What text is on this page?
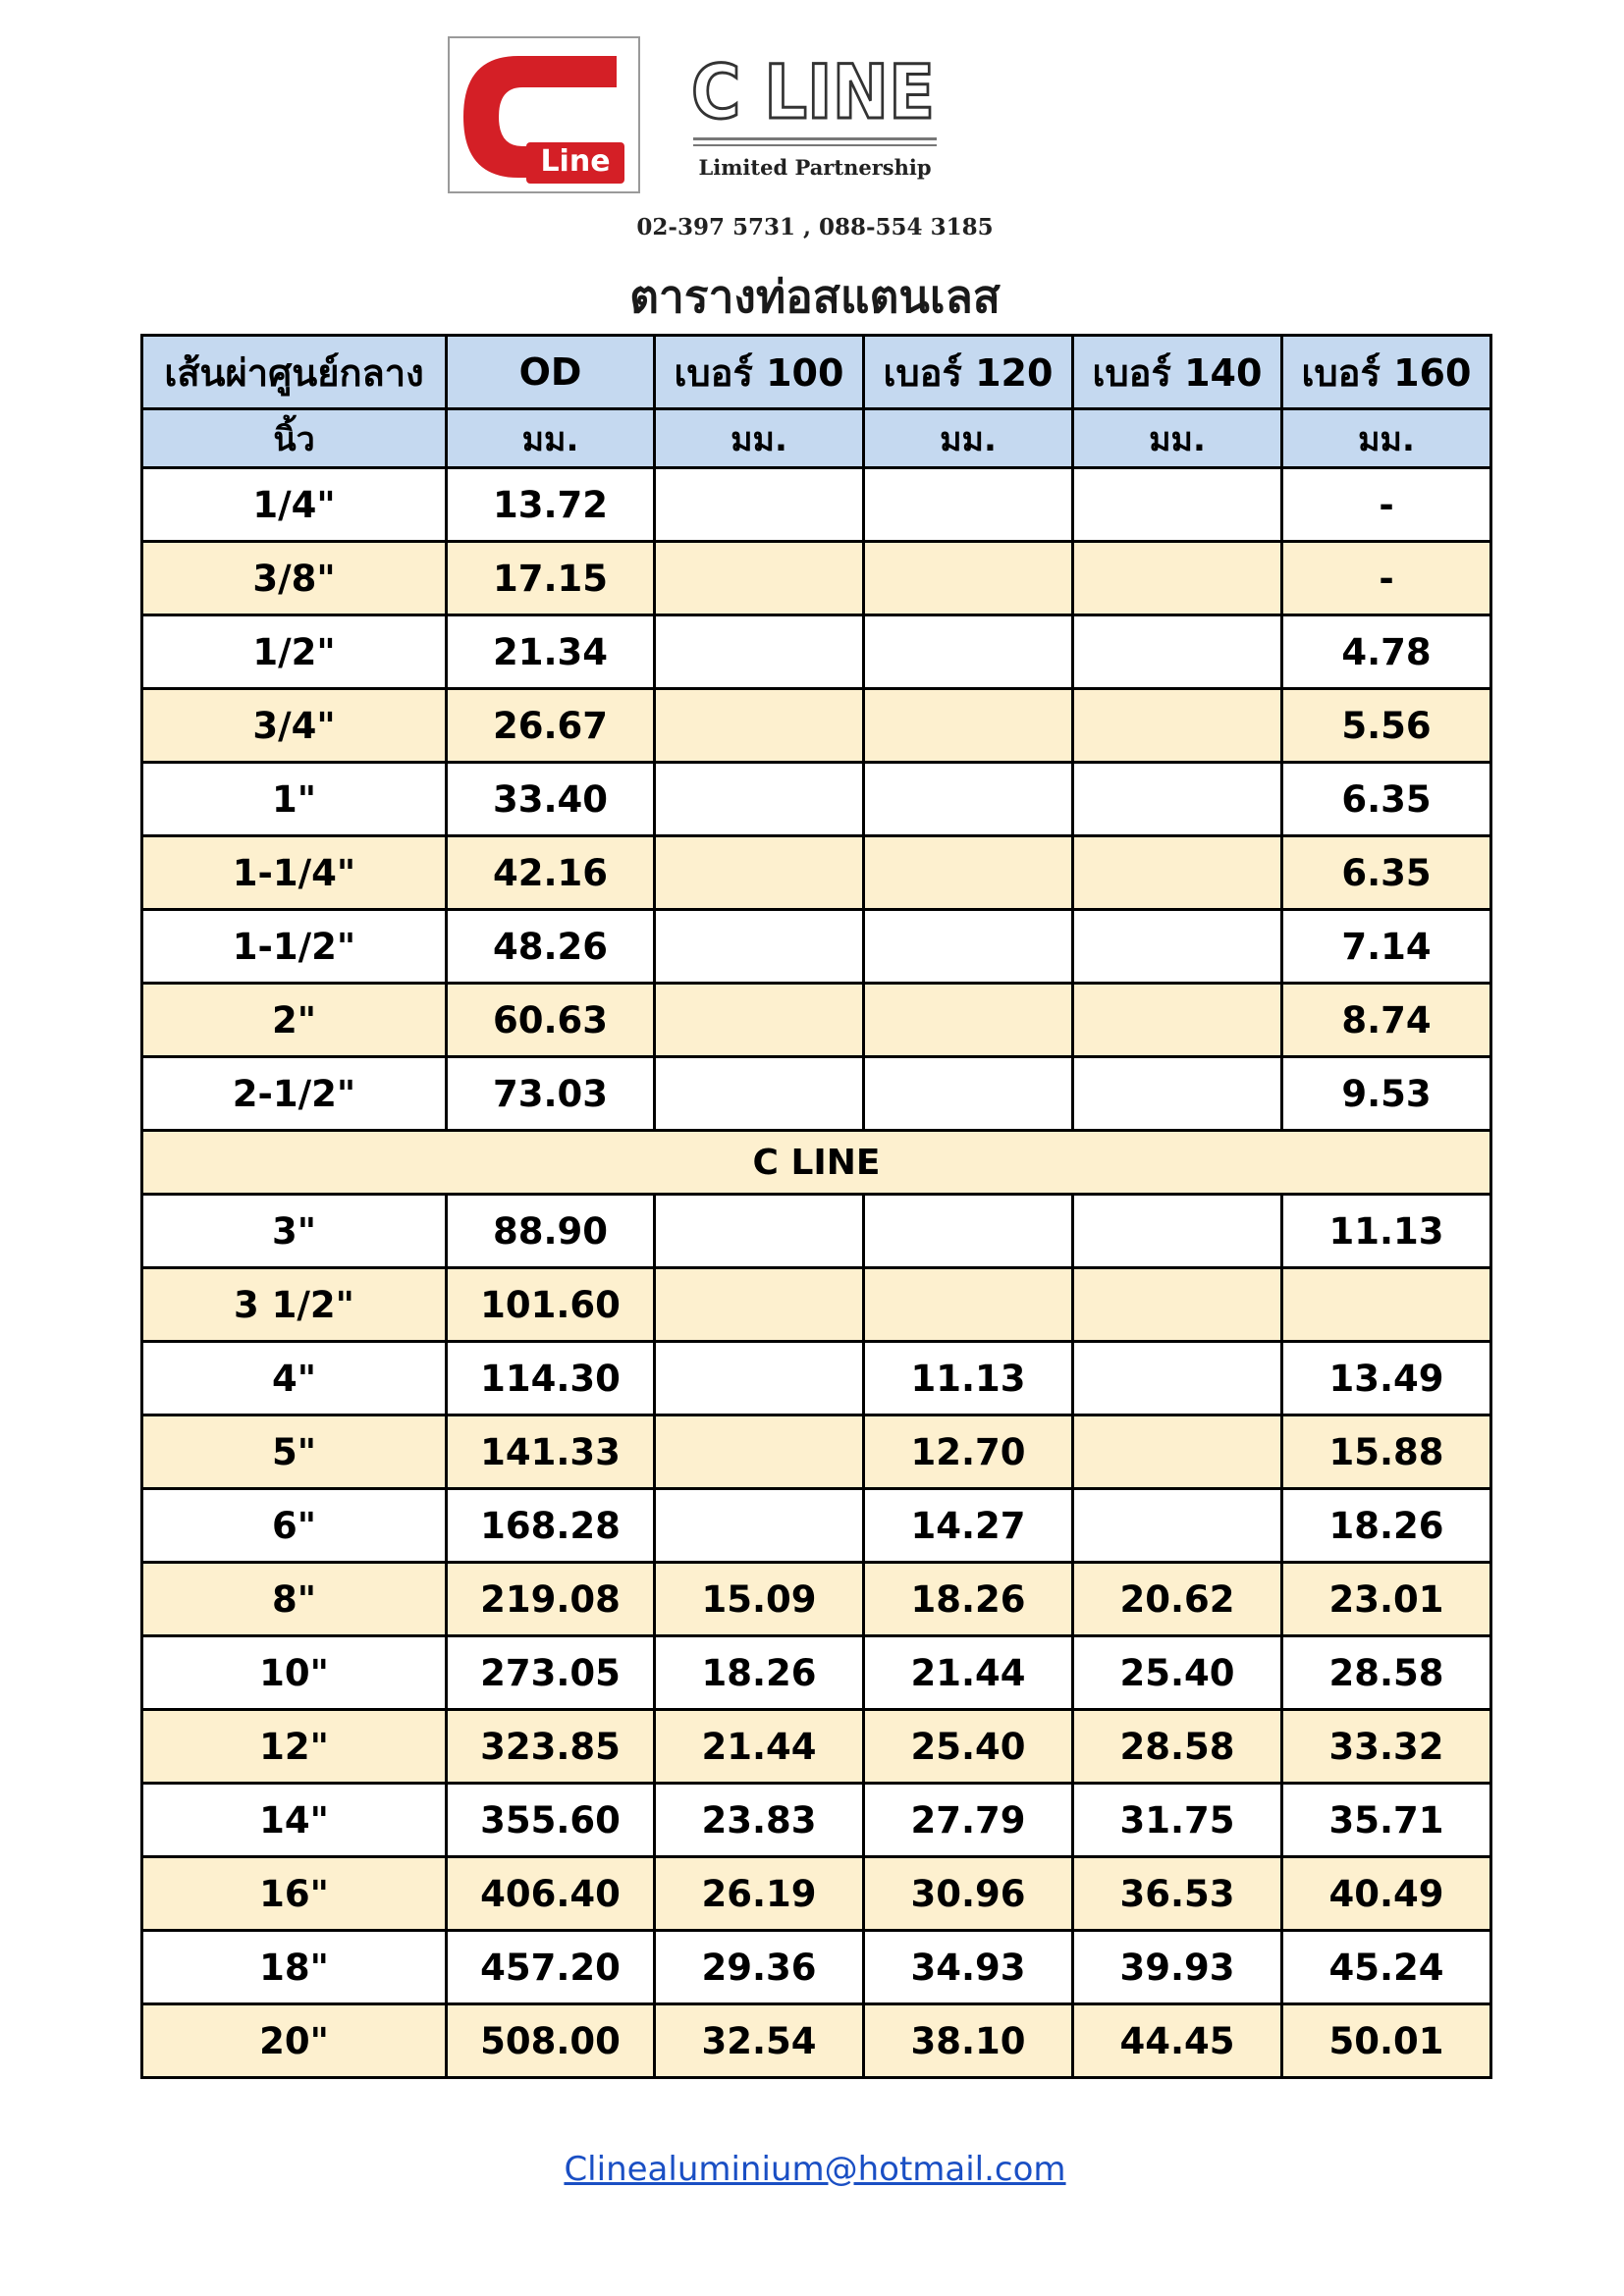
Line
C LINE
Limited Partnership
02-397 5731 , 088-554 3185
ตารางท่อสแตนเลส
เส้นผ่าศูนย์กลาง	OD	เบอร์ 100	เบอร์ 120	เบอร์ 140	เบอร์ 160
นิ้ว	มม.	มม.	มม.	มม.	มม.
1/4"	13.72				-
3/8"	17.15				-
1/2"	21.34				4.78
3/4"	26.67				5.56
1"	33.40				6.35
1-1/4"	42.16				6.35
1-1/2"	48.26				7.14
2"	60.63				8.74
2-1/2"	73.03				9.53
C LINE					
3"	88.90				11.13
3 1/2"	101.60				
4"	114.30		11.13		13.49
5"	141.33		12.70		15.88
6"	168.28		14.27		18.26
8"	219.08	15.09	18.26	20.62	23.01
10"	273.05	18.26	21.44	25.40	28.58
12"	323.85	21.44	25.40	28.58	33.32
14"	355.60	23.83	27.79	31.75	35.71
16"	406.40	26.19	30.96	36.53	40.49
18"	457.20	29.36	34.93	39.93	45.24
20"	508.00	32.54	38.10	44.45	50.01
Clinealuminium@hotmail.com
